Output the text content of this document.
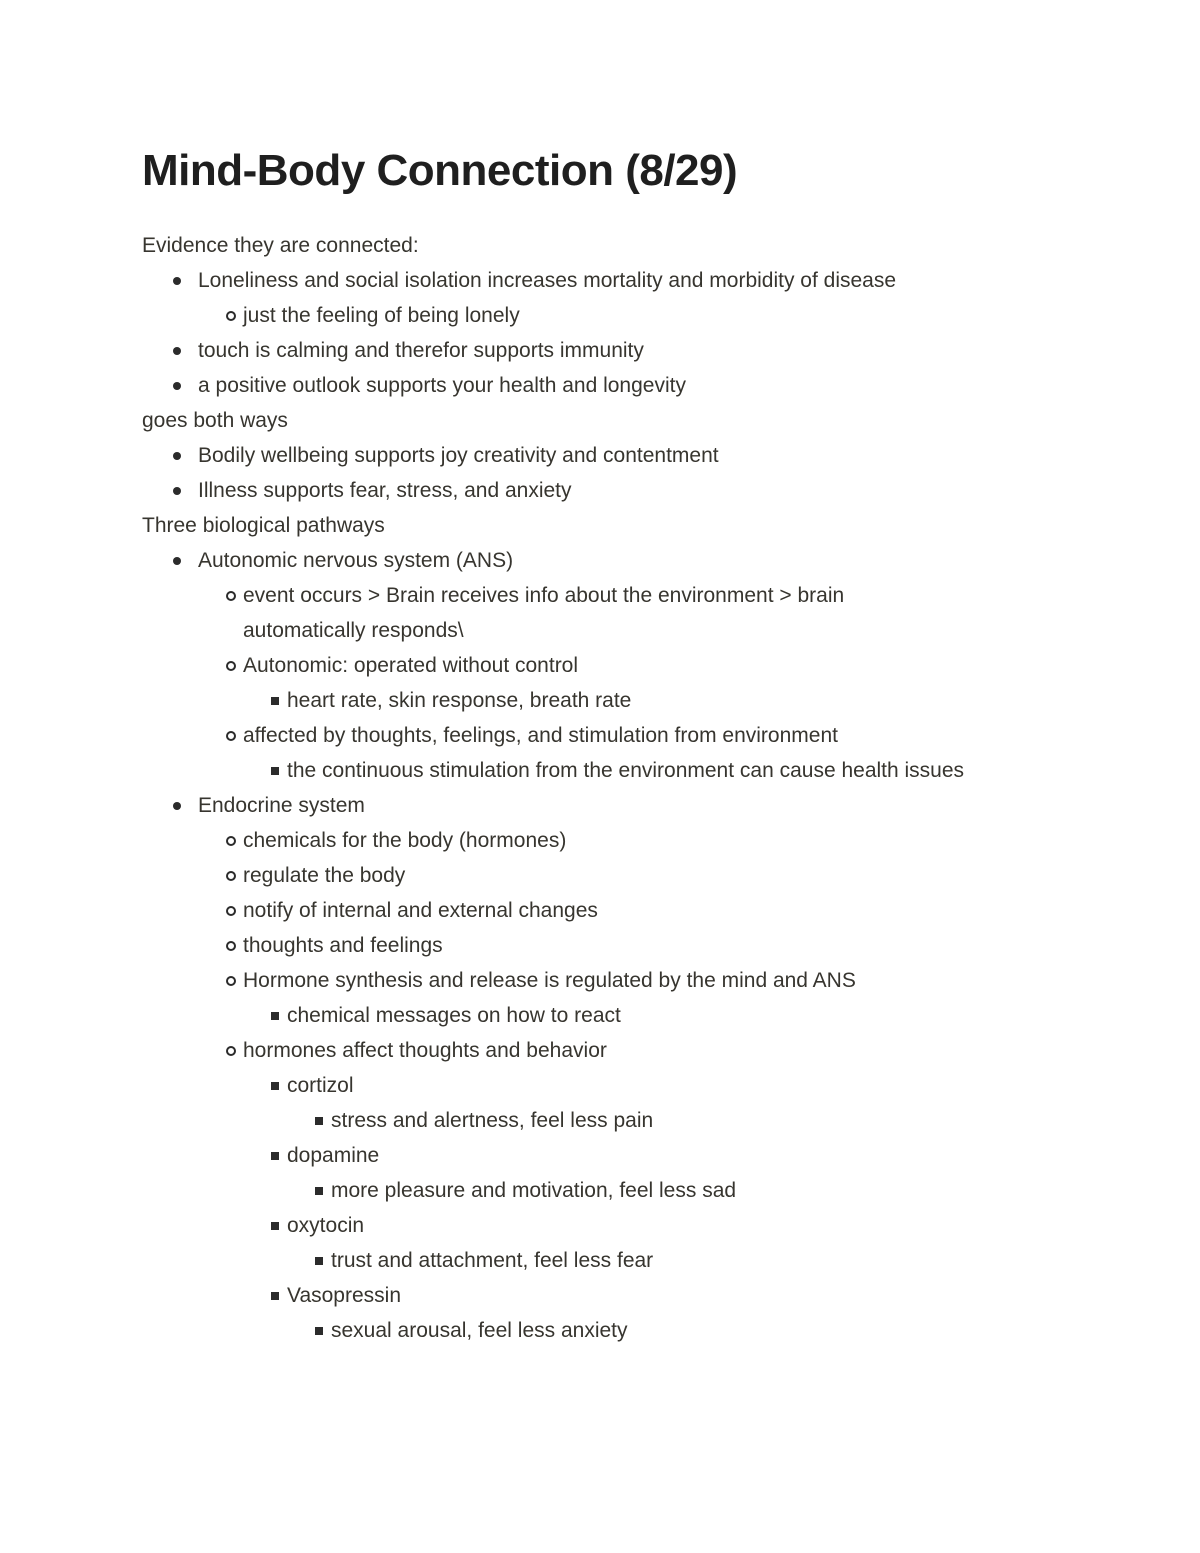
Mind-Body Connection (8/29)

Evidence they are connected:

Loneliness and social isolation increases mortality and morbidity of disease
just the feeling of being lonely
touch is calming and therefor supports immunity
a positive outlook supports your health and longevity

goes both ways

Bodily wellbeing supports joy creativity and contentment
Illness supports fear, stress, and anxiety

Three biological pathways

Autonomic nervous system (ANS)
event occurs > Brain receives info about the environment > brain automatically responds\
Autonomic: operated without control
heart rate, skin response, breath rate
affected by thoughts, feelings, and stimulation from environment
the continuous stimulation from the environment can cause health issues
Endocrine system
chemicals for the body (hormones)
regulate the body
notify of internal and external changes
thoughts and feelings
Hormone synthesis and release is regulated by the mind and ANS
chemical messages on how to react
hormones affect thoughts and behavior
cortizol
stress and alertness, feel less pain
dopamine
more pleasure and motivation, feel less sad
oxytocin
trust and attachment, feel less fear
Vasopressin
sexual arousal, feel less anxiety
